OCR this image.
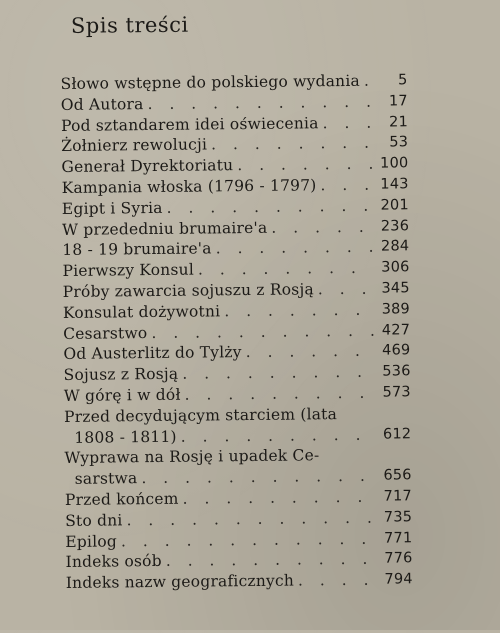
Spis treści
Słowo wstępne do polskiego wydania . . .	5
Od Autora . . .	17
Pod sztandarem idei oświecenia . . .	21
Żołnierz rewolucji . . .	53
Generał Dyrektoriatu . . .	100
Kampania włoska (1796 - 1797) . . .	143
Egipt i Syria . . .	201
W przededniu brumaire'a . . .	236
18 - 19 brumaire'a . . .	284
Pierwszy Konsul . . .	306
Próby zawarcia sojuszu z Rosją . . .	345
Konsulat dożywotni . . .	389
Cesarstwo . . .	427
Od Austerlitz do Tylży . . .	469
Sojusz z Rosją . . .	536
W górę i w dół . . .	573
Przed decydującym starciem (lata
1808 - 1811) . . .	612
Wyprawa na Rosję i upadek Ce-
sarstwa . . .	656
Przed końcem . . .	717
Sto dni . . .	735
Epilog . . .	771
Indeks osób . . .	776
Indeks nazw geograficznych . . .	794
